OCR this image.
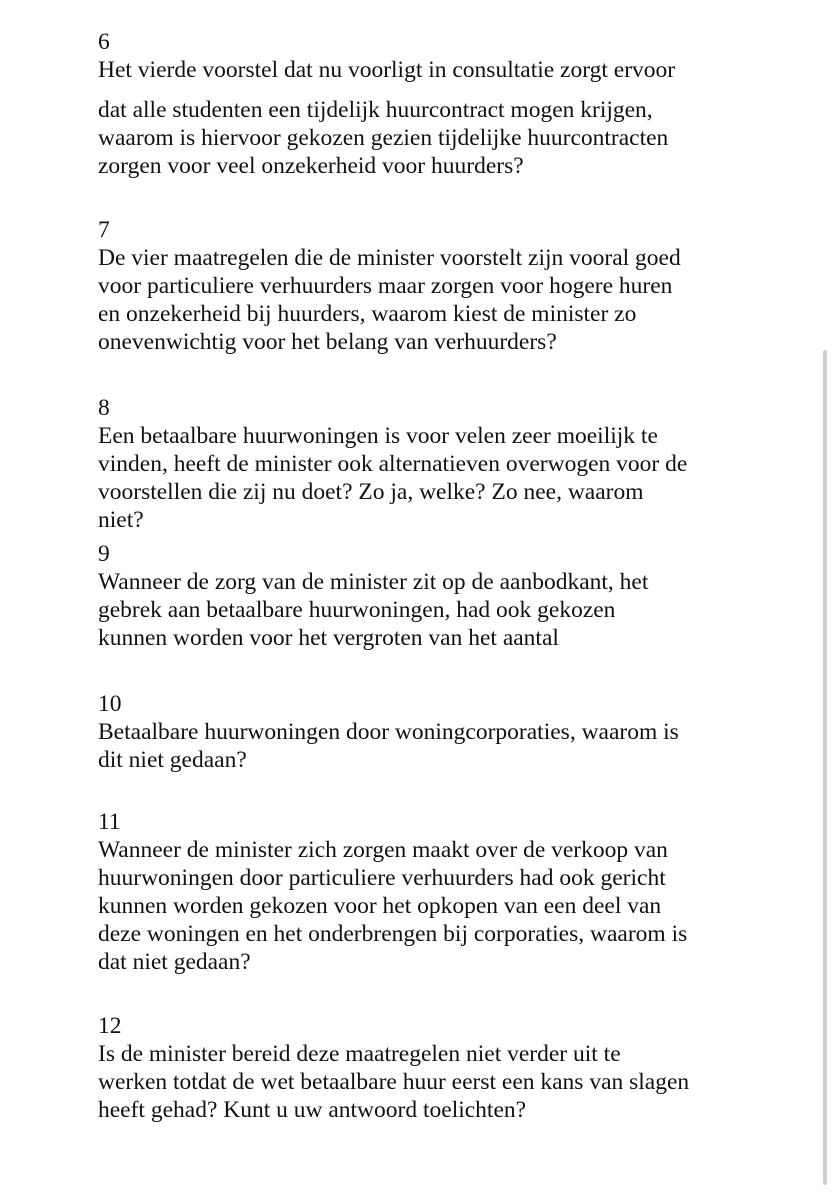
6
Het vierde voorstel dat nu voorligt in consultatie zorgt ervoor
dat alle studenten een tijdelijk huurcontract mogen krijgen,
waarom is hiervoor gekozen gezien tijdelijke huurcontracten
zorgen voor veel onzekerheid voor huurders?
7
De vier maatregelen die de minister voorstelt zijn vooral goed
voor particuliere verhuurders maar zorgen voor hogere huren
en onzekerheid bij huurders, waarom kiest de minister zo
onevenwichtig voor het belang van verhuurders?
8
Een betaalbare huurwoningen is voor velen zeer moeilijk te
vinden, heeft de minister ook alternatieven overwogen voor de
voorstellen die zij nu doet? Zo ja, welke? Zo nee, waarom
niet?
9
Wanneer de zorg van de minister zit op de aanbodkant, het
gebrek aan betaalbare huurwoningen, had ook gekozen
kunnen worden voor het vergroten van het aantal
10
Betaalbare huurwoningen door woningcorporaties, waarom is
dit niet gedaan?
11
Wanneer de minister zich zorgen maakt over de verkoop van
huurwoningen door particuliere verhuurders had ook gericht
kunnen worden gekozen voor het opkopen van een deel van
deze woningen en het onderbrengen bij corporaties, waarom is
dat niet gedaan?
12
Is de minister bereid deze maatregelen niet verder uit te
werken totdat de wet betaalbare huur eerst een kans van slagen
heeft gehad? Kunt u uw antwoord toelichten?
